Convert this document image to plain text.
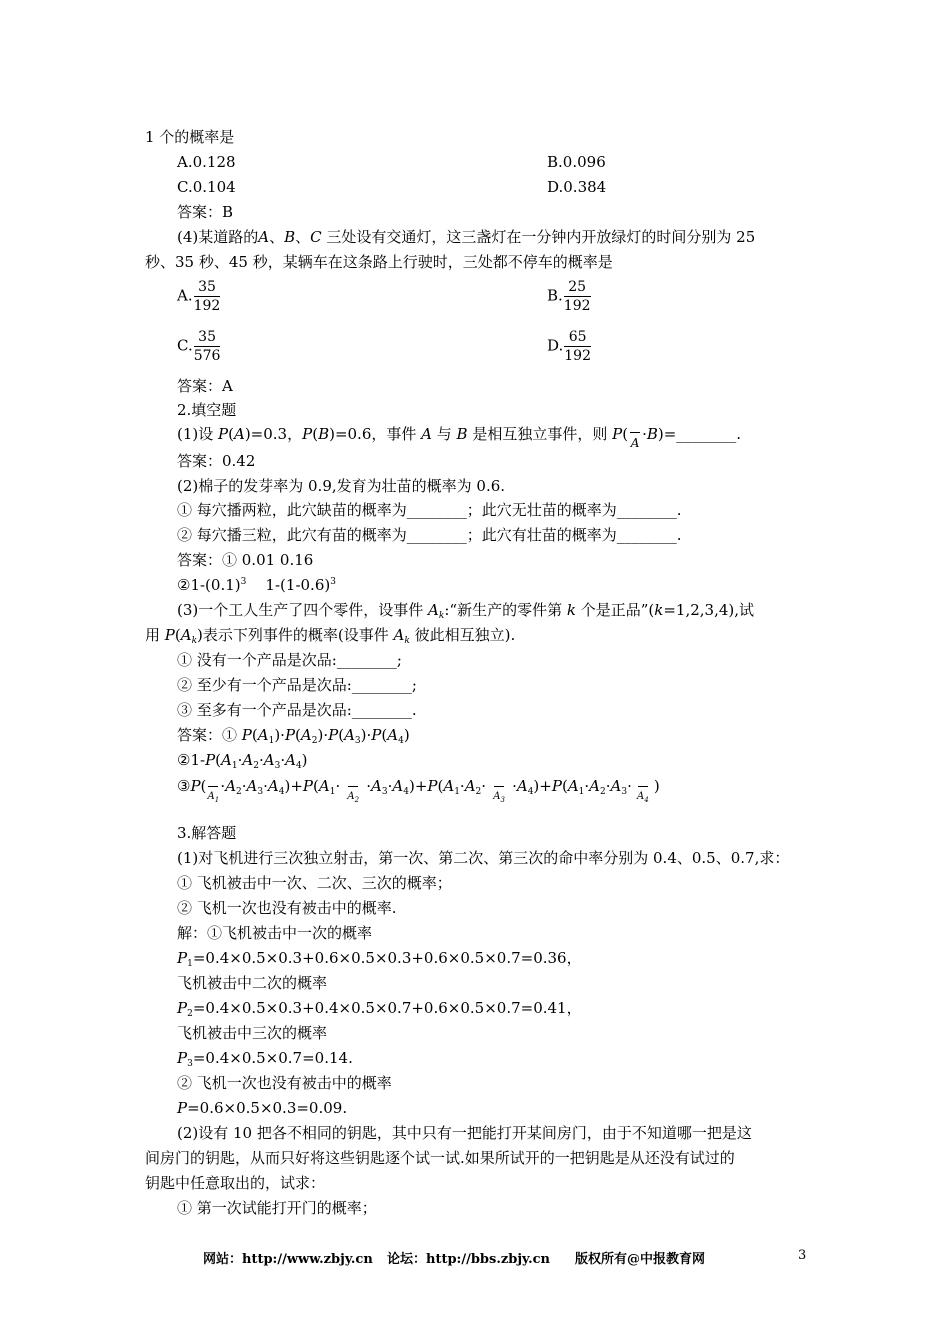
1 个的概率是
A.0.128	B.0.096
C.0.104	D.0.384
答案：B
(4)某道路的A、B、C 三处设有交通灯，这三盏灯在一分钟内开放绿灯的时间分别为 25
秒、35 秒、45 秒，某辆车在这条路上行驶时，三处都不停车的概率是
A. $\frac{35}{192}$	B. $\frac{25}{192}$
C. $\frac{35}{576}$	D. $\frac{65}{192}$
答案：A
2.填空题
(1)设 P(A)=0.3，P(B)=0.6，事件 A 与 B 是相互独立事件，则 P( A ·B)=________.
答案：0.42
(2)棉子的发芽率为 0.9,发育为壮苗的概率为 0.6.
① 每穴播两粒，此穴缺苗的概率为________；此穴无壮苗的概率为________.
② 每穴播三粒，此穴有苗的概率为________；此穴有壮苗的概率为________.
答案：① 0.01 0.16
$②1-(0.1)^3$    $1-(1-0.6)^3$
(3)一个工人生产了四个零件，设事件 $A_k:“$新生产的零件第 k 个是正品”(k=1,2,3,4),试
用 $P(A_k)$表示下列事件的概率(设事件 $A_k$ 彼此相互独立).
① 没有一个产品是次品:________;
② 至少有一个产品是次品:________;
③ 至多有一个产品是次品:________.
答案：① $P(A_1)\cdot P(A_2)\cdot P(A_3)\cdot P(A_4)$
$②1-P(A_1\cdot A_2\cdot A_3\cdot A_4)$
$③P(A_1\cdot A_2\cdot A_3\cdot A_4)+P(A_1\cdot A_2\cdot A_3\cdot A_4)+P(A_1\cdot A_2\cdot A_3\cdot A_4)+P(A_1\cdot A_2\cdot A_3\cdot A_4)$
3.解答题
(1)对飞机进行三次独立射击，第一次、第二次、第三次的命中率分别为 0.4、0.5、0.7,求：
① 飞机被击中一次、二次、三次的概率；
② 飞机一次也没有被击中的概率.
解：①飞机被击中一次的概率
$P_1=0.4\times 0.5\times 0.3+0.6\times 0.5\times 0.3+0.6\times 0.5\times 0.7=0.36$，
飞机被击中二次的概率
$P_2=0.4\times 0.5\times 0.3+0.4\times 0.5\times 0.7+0.6\times 0.5\times 0.7=0.41$，
飞机被击中三次的概率
$P_3=0.4\times 0.5\times 0.7=0.14$.
② 飞机一次也没有被击中的概率
P=0.6×0.5×0.3=0.09.
(2)设有 10 把各不相同的钥匙，其中只有一把能打开某间房门，由于不知道哪一把是这
间房门的钥匙，从而只好将这些钥匙逐个试一试.如果所试开的一把钥匙是从还没有试过的
钥匙中任意取出的，试求：
① 第一次试能打开门的概率；
网站：http://www.zbjy.cn 论坛：http://bbs.zbjy.cn 版权所有@中报教育网	3
